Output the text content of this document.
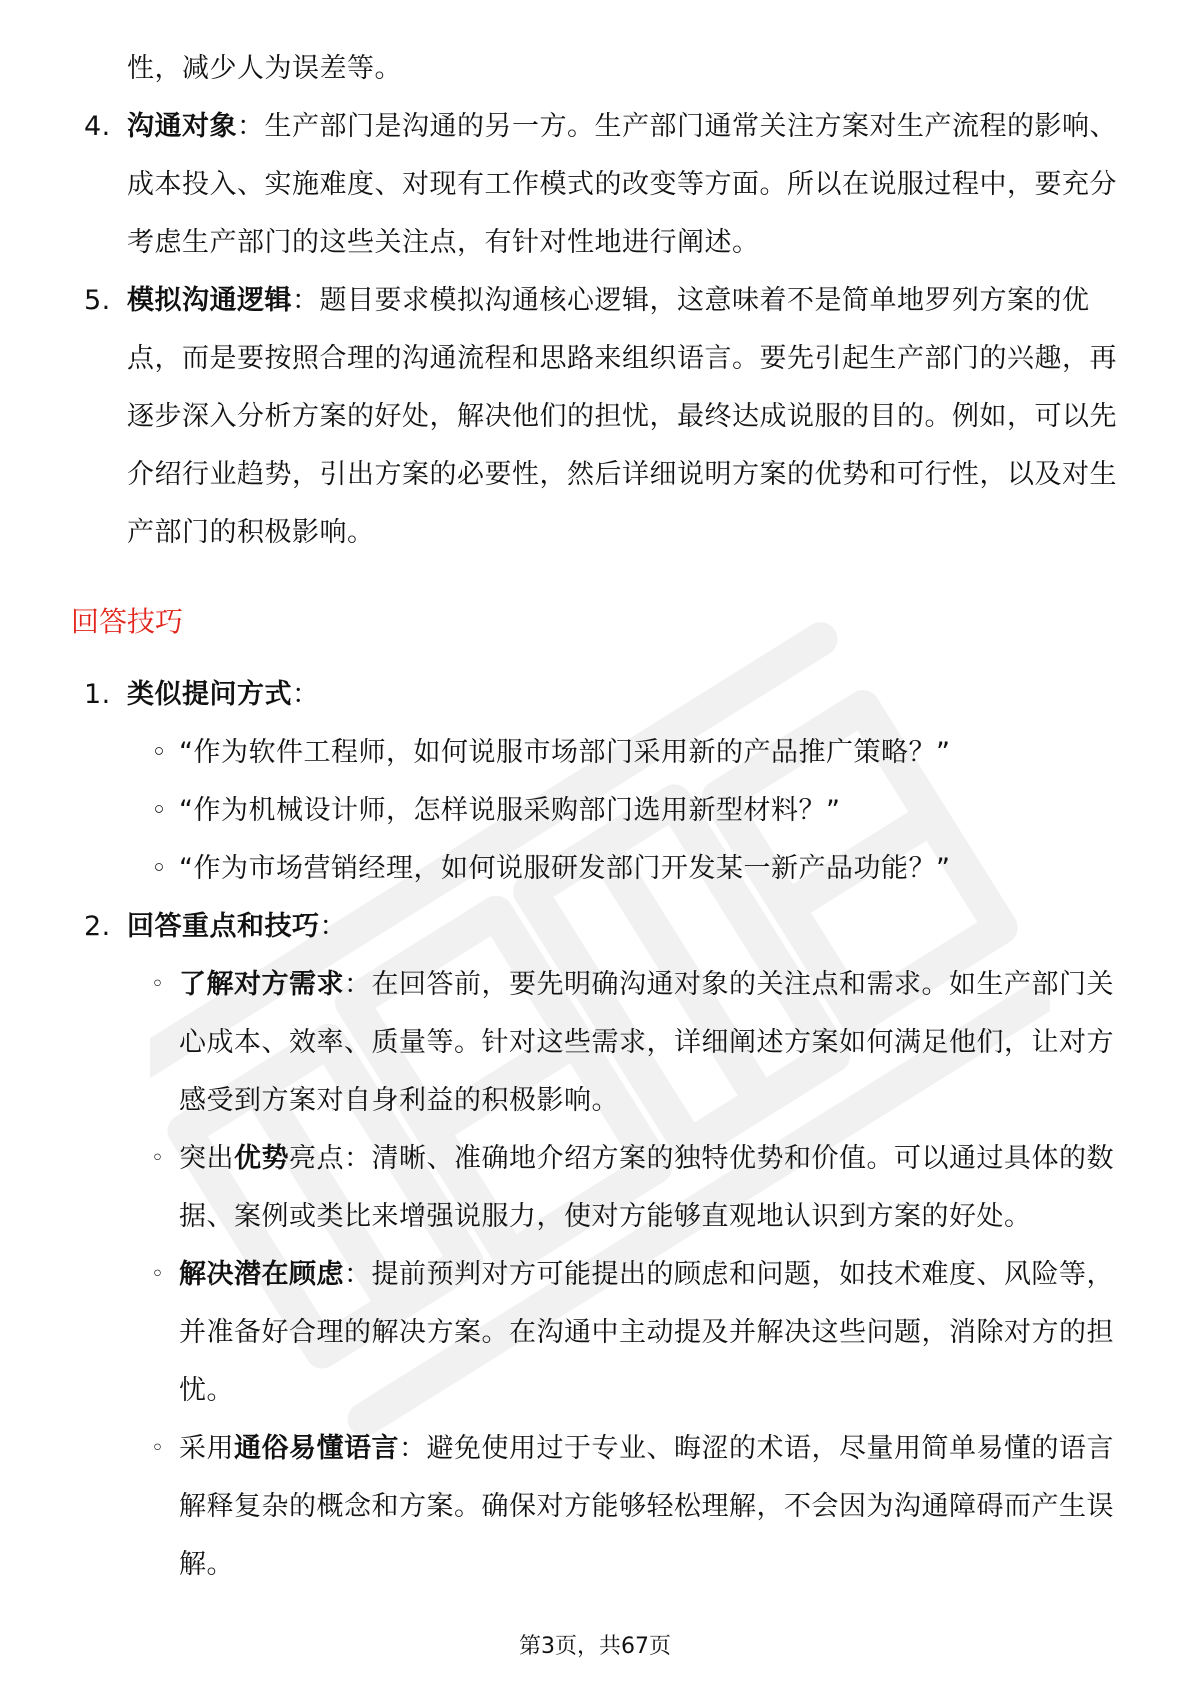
性，减少人为误差等。
4. 沟通对象：生产部门是沟通的另一方。生产部门通常关注方案对生产流程的影响、成本投入、实施难度、对现有工作模式的改变等方面。所以在说服过程中，要充分考虑生产部门的这些关注点，有针对性地进行阐述。
5. 模拟沟通逻辑：题目要求模拟沟通核心逻辑，这意味着不是简单地罗列方案的优点，而是要按照合理的沟通流程和思路来组织语言。要先引起生产部门的兴趣，再逐步深入分析方案的好处，解决他们的担忧，最终达成说服的目的。例如，可以先介绍行业趋势，引出方案的必要性，然后详细说明方案的优势和可行性，以及对生产部门的积极影响。
回答技巧
1. 类似提问方式：
◦ “作为软件工程师，如何说服市场部门采用新的产品推广策略？”
◦ “作为机械设计师，怎样说服采购部门选用新型材料？”
◦ “作为市场营销经理，如何说服研发部门开发某一新产品功能？”
2. 回答重点和技巧：
◦ 了解对方需求：在回答前，要先明确沟通对象的关注点和需求。如生产部门关心成本、效率、质量等。针对这些需求，详细阐述方案如何满足他们，让对方感受到方案对自身利益的积极影响。
◦ 突出优势亮点：清晰、准确地介绍方案的独特优势和价值。可以通过具体的数据、案例或类比来增强说服力，使对方能够直观地认识到方案的好处。
◦ 解决潜在顾虑：提前预判对方可能提出的顾虑和问题，如技术难度、风险等，并准备好合理的解决方案。在沟通中主动提及并解决这些问题，消除对方的担忧。
◦ 采用通俗易懂语言：避免使用过于专业、晦涩的术语，尽量用简单易懂的语言解释复杂的概念和方案。确保对方能够轻松理解，不会因为沟通障碍而产生误解。
第3页，共67页
